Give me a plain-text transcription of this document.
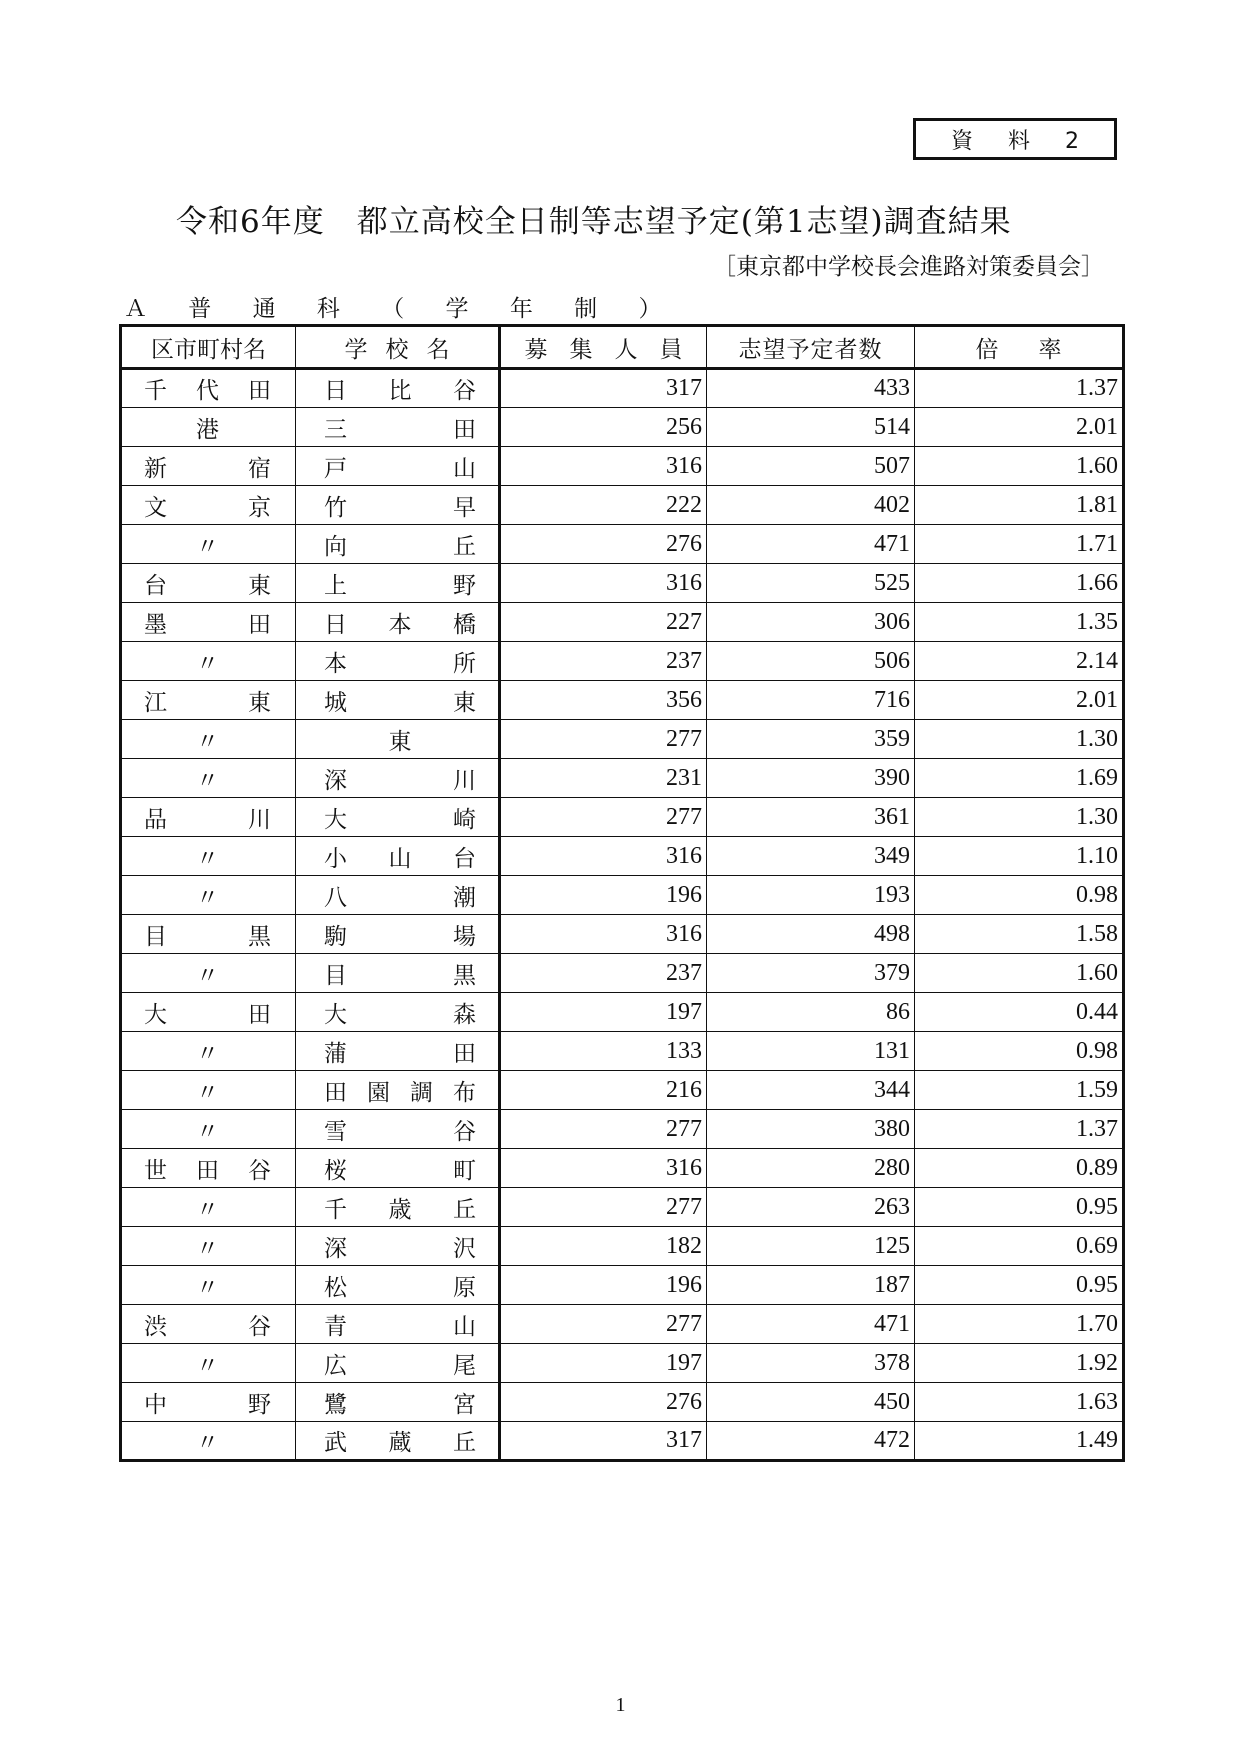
資 料 2
令和6年度　都立高校全日制等志望予定(第1志望)調査結果
［東京都中学校長会進路対策委員会］
Ａ 普 通 科 （ 学 年 制 ）
区市町村名	学校名	募集人員	志望予定者数	倍率

千 代 田	日 比 谷	317	433	1.37

港	三 田	256	514	2.01

新 宿	戸 山	316	507	1.60

文 京	竹 早	222	402	1.81

〃	向 丘	276	471	1.71

台 東	上 野	316	525	1.66

墨 田	日 本 橋	227	306	1.35

〃	本 所	237	506	2.14

江 東	城 東	356	716	2.01

〃	東	277	359	1.30

〃	深 川	231	390	1.69

品 川	大 崎	277	361	1.30

〃	小 山 台	316	349	1.10

〃	八 潮	196	193	0.98

目 黒	駒 場	316	498	1.58

〃	目 黒	237	379	1.60

大 田	大 森	197	86	0.44

〃	蒲 田	133	131	0.98

〃	田 園 調 布	216	344	1.59

〃	雪 谷	277	380	1.37

世 田 谷	桜 町	316	280	0.89

〃	千 歳 丘	277	263	0.95

〃	深 沢	182	125	0.69

〃	松 原	196	187	0.95

渋 谷	青 山	277	471	1.70

〃	広 尾	197	378	1.92

中 野	鷺 宮	276	450	1.63

〃	武 蔵 丘	317	472	1.49
1
